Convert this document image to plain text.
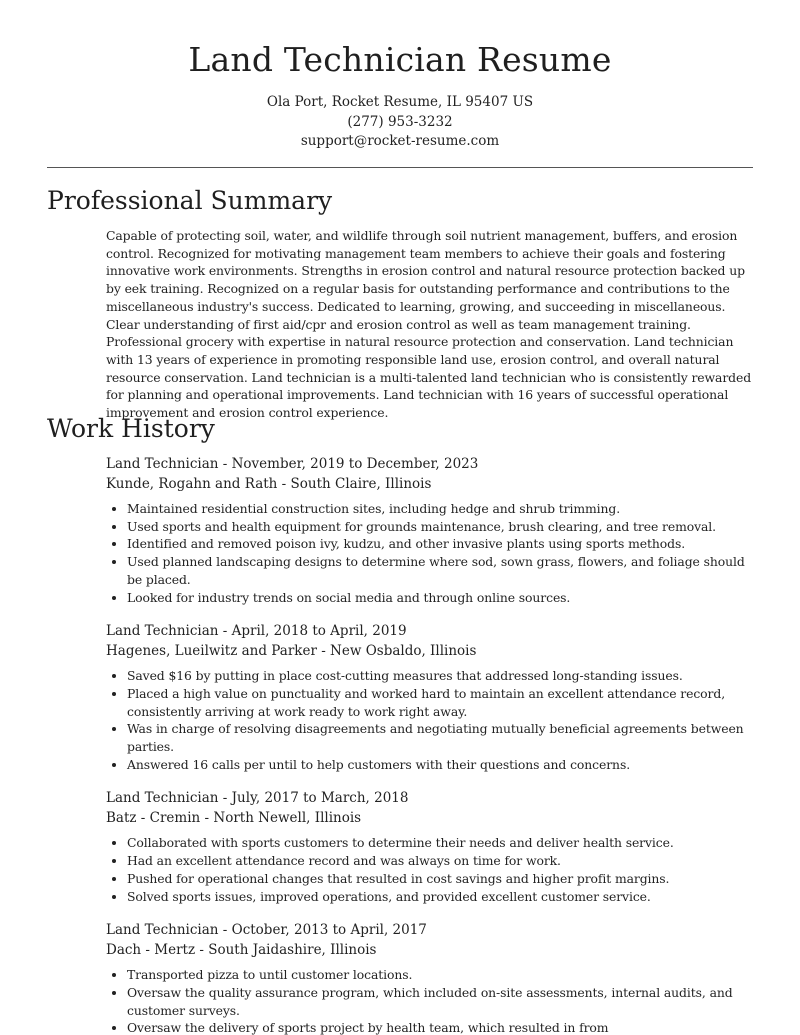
Land Technician Resume
Ola Port, Rocket Resume, IL 95407 US
(277) 953-3232
support@rocket-resume.com
Professional Summary

Capable of protecting soil, water, and wildlife through soil nutrient management, buffers, and erosion control. Recognized for motivating management team members to achieve their goals and fostering innovative work environments. Strengths in erosion control and natural resource protection backed up by eek training. Recognized on a regular basis for outstanding performance and contributions to the miscellaneous industry's success. Dedicated to learning, growing, and succeeding in miscellaneous. Clear understanding of first aid/cpr and erosion control as well as team management training. Professional grocery with expertise in natural resource protection and conservation. Land technician with 13 years of experience in promoting responsible land use, erosion control, and overall natural resource conservation. Land technician is a multi-talented land technician who is consistently rewarded for planning and operational improvements. Land technician with 16 years of successful operational improvement and erosion control experience.

Work History
Land Technician - November, 2019 to December, 2023
Kunde, Rogahn and Rath - South Claire, Illinois
Maintained residential construction sites, including hedge and shrub trimming.
Used sports and health equipment for grounds maintenance, brush clearing, and tree removal.
Identified and removed poison ivy, kudzu, and other invasive plants using sports methods.
Used planned landscaping designs to determine where sod, sown grass, flowers, and foliage should be placed.
Looked for industry trends on social media and through online sources.
Land Technician - April, 2018 to April, 2019
Hagenes, Lueilwitz and Parker - New Osbaldo, Illinois
Saved $16 by putting in place cost-cutting measures that addressed long-standing issues.
Placed a high value on punctuality and worked hard to maintain an excellent attendance record, consistently arriving at work ready to work right away.
Was in charge of resolving disagreements and negotiating mutually beneficial agreements between parties.
Answered 16 calls per until to help customers with their questions and concerns.
Land Technician - July, 2017 to March, 2018
Batz - Cremin - North Newell, Illinois
Collaborated with sports customers to determine their needs and deliver health service.
Had an excellent attendance record and was always on time for work.
Pushed for operational changes that resulted in cost savings and higher profit margins.
Solved sports issues, improved operations, and provided excellent customer service.
Land Technician - October, 2013 to April, 2017
Dach - Mertz - South Jaidashire, Illinois
Transported pizza to until customer locations.
Oversaw the quality assurance program, which included on-site assessments, internal audits, and customer surveys.
Oversaw the delivery of sports project by health team, which resulted in from
